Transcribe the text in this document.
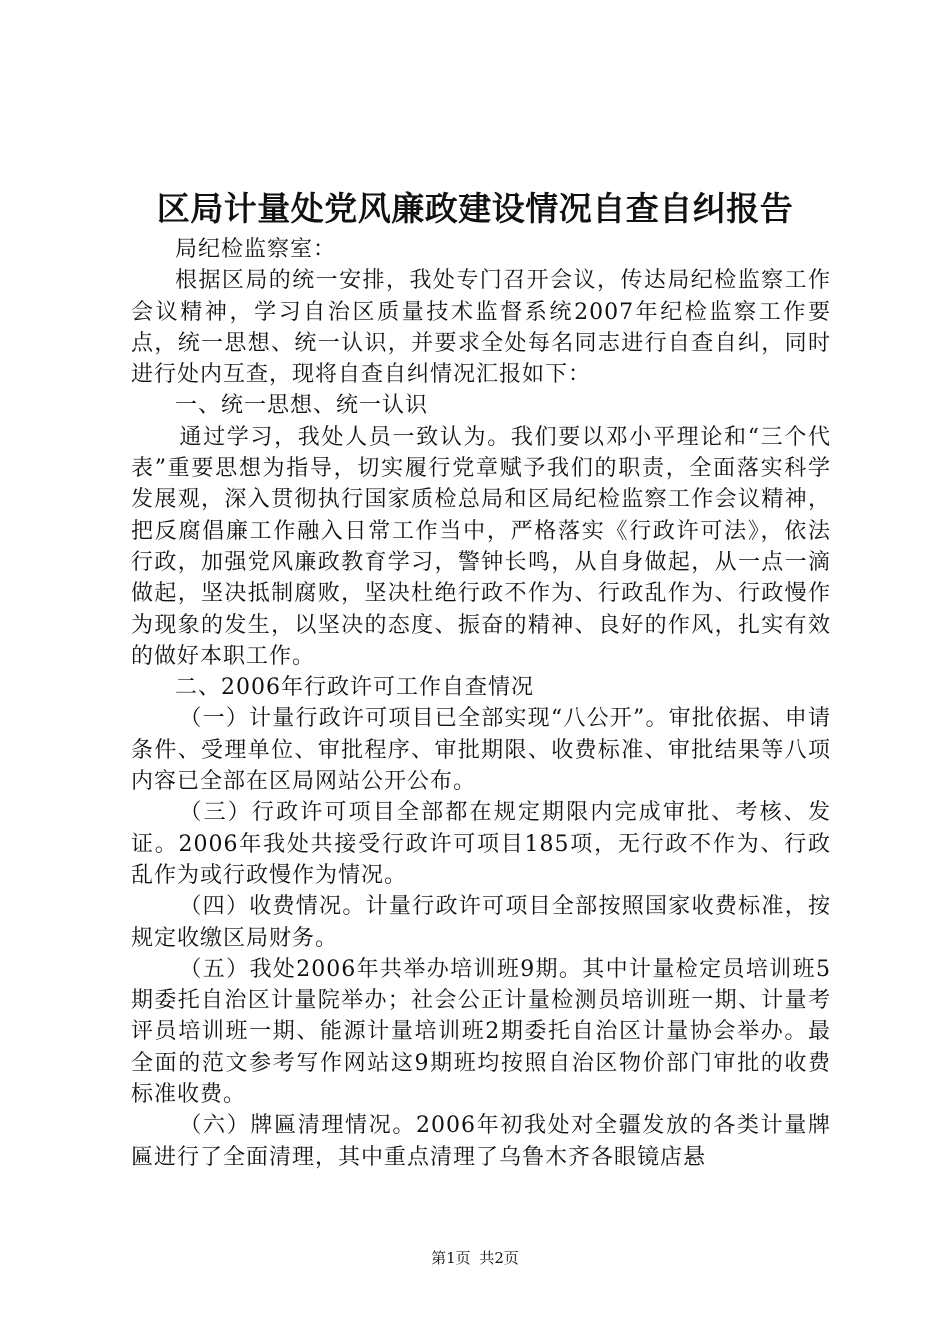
区局计量处党风廉政建设情况自查自纠报告

局纪检监察室：

根据区局的统一安排，我处专门召开会议，传达局纪检监察工作会议精神，学习自治区质量技术监督系统2007年纪检监察工作要点，统一思想、统一认识，并要求全处每名同志进行自查自纠，同时进行处内互查，现将自查自纠情况汇报如下：

一、统一思想、统一认识

通过学习，我处人员一致认为。我们要以邓小平理论和“三个代表”重要思想为指导，切实履行党章赋予我们的职责，全面落实科学发展观，深入贯彻执行国家质检总局和区局纪检监察工作会议精神，把反腐倡廉工作融入日常工作当中，严格落实《行政许可法》，依法行政，加强党风廉政教育学习，警钟长鸣，从自身做起，从一点一滴做起，坚决抵制腐败，坚决杜绝行政不作为、行政乱作为、行政慢作为现象的发生，以坚决的态度、振奋的精神、良好的作风，扎实有效的做好本职工作。

二、2006年行政许可工作自查情况

（一）计量行政许可项目已全部实现“八公开”。审批依据、申请条件、受理单位、审批程序、审批期限、收费标准、审批结果等八项内容已全部在区局网站公开公布。

（三）行政许可项目全部都在规定期限内完成审批、考核、发证。2006年我处共接受行政许可项目185项，无行政不作为、行政乱作为或行政慢作为情况。

（四）收费情况。计量行政许可项目全部按照国家收费标准，按规定收缴区局财务。

（五）我处2006年共举办培训班9期。其中计量检定员培训班5期委托自治区计量院举办；社会公正计量检测员培训班一期、计量考评员培训班一期、能源计量培训班2期委托自治区计量协会举办。最全面的范文参考写作网站这9期班均按照自治区物价部门审批的收费标准收费。

（六）牌匾清理情况。2006年初我处对全疆发放的各类计量牌匾进行了全面清理，其中重点清理了乌鲁木齐各眼镜店悬

第1页 共2页
